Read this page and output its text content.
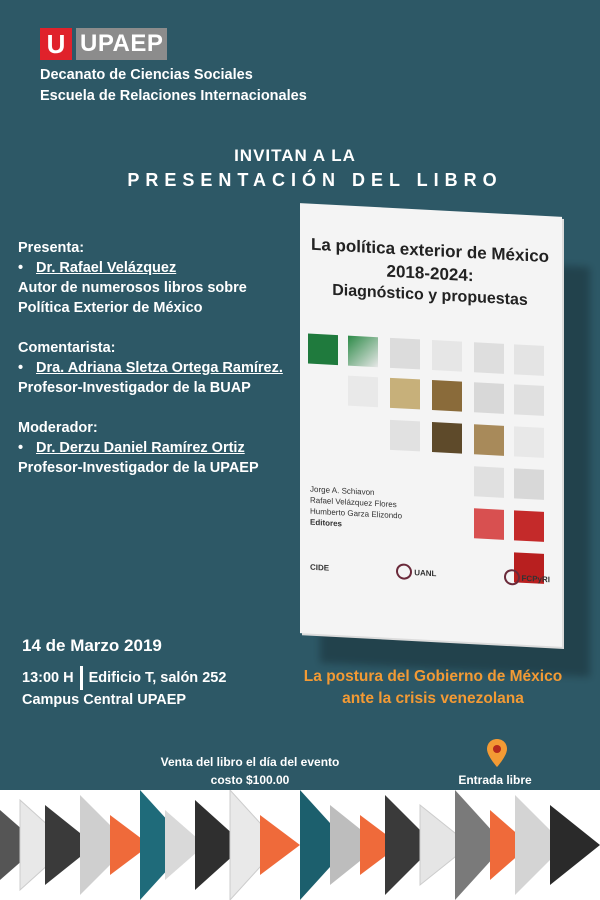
U UPAEP
Decanato de Ciencias Sociales
Escuela de Relaciones Internacionales
INVITAN A LA
PRESENTACIÓN DEL LIBRO
Presenta:
• Dr. Rafael Velázquez
Autor de numerosos libros sobre Política Exterior de México
Comentarista:
• Dra. Adriana Sletza Ortega Ramírez.
Profesor-Investigador de la BUAP
Moderador:
• Dr. Derzu Daniel Ramírez Ortiz
Profesor-Investigador de la UPAEP
La política exterior de México
2018-2024:
Diagnóstico y propuestas
Jorge A. Schiavon
Rafael Velázquez Flores
Humberto Garza Elizondo
Editores
CIDE
UANL
FCPyRI
14 de Marzo 2019
13:00 H Edificio T, salón 252
Campus Central UPAEP
La postura del Gobierno de México
ante la crisis venezolana
Venta del libro el día del evento
costo $100.00	Entrada libre
